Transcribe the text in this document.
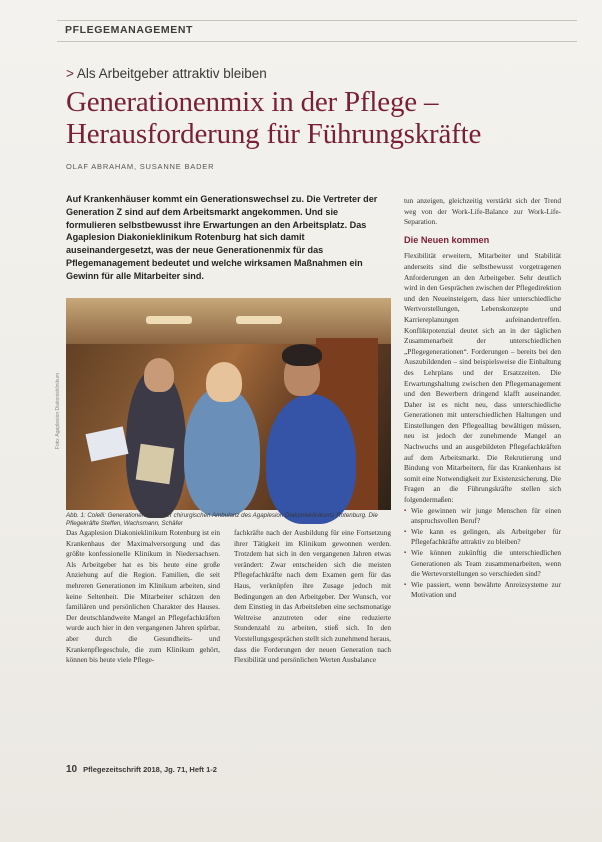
PFLEGEMANAGEMENT
> Als Arbeitgeber attraktiv bleiben
Generationenmix in der Pflege – Herausforderung für Führungskräfte
OLAF ABRAHAM, SUSANNE BADER
Auf Krankenhäuser kommt ein Generationswechsel zu. Die Vertreter der Generation Z sind auf dem Arbeitsmarkt angekommen. Und sie formulieren selbstbewusst ihre Erwartungen an den Arbeitsplatz. Das Agaplesion Diakonieklinikum Rotenburg hat sich damit auseinandergesetzt, was der neue Generationenmix für das Pflegemanagement bedeutet und welche wirksamen Maßnahmen ein Gewinn für alle Mitarbeiter sind.
Foto: Agaplesion Diakonieklinikum
Abb. 1: Colelli: Generationenmix in der chirurgischen Ambulanz des Agaplesion Diakonieklinikums Rotenburg. Die Pflegekräfte Steffen, Wachsmann, Schäfer

Das Agaplesion Diakonieklinikum Rotenburg ist ein Krankenhaus der Maximalversorgung und das größte konfessionelle Klinikum in Niedersachsen. Als Arbeitgeber hat es bis heute eine große Anziehung auf die Region. Familien, die seit mehreren Generationen im Klinikum arbeiten, sind keine Seltenheit. Die Mitarbeiter schätzen den familiären und persönlichen Charakter des Hauses. Der deutschlandweite Mangel an Pflegefachkräften wurde auch hier in den vergangenen Jahren spürbar, aber durch die Gesundheits- und Krankenpflegeschule, die zum Klinikum gehört, können bis heute viele Pflege-

fachkräfte nach der Ausbildung für eine Fortsetzung ihrer Tätigkeit im Klinikum gewonnen werden. Trotzdem hat sich in den vergangenen Jahren etwas verändert: Zwar entscheiden sich die meisten Pflegefachkräfte nach dem Examen gern für das Haus, verknüpfen ihre Zusage jedoch mit Bedingungen an den Arbeitgeber. Der Wunsch, vor dem Einstieg in das Arbeitsleben eine sechsmonatige Weltreise anzutreten oder eine reduzierte Stundenzahl zu arbeiten, stieß sich. In den Vorstellungsgesprächen stellt sich zunehmend heraus, dass die Forderungen der neuen Generation nach Flexibilität und persönlichen Werten Ausbalance

tun anzeigen, gleichzeitig verstärkt sich der Trend weg von der Work-Life-Balance zur Work-Life-Separation.

Die Neuen kommen

Flexibilität erweitern, Mitarbeiter und Stabilität anderseits sind die selbstbewusst vorgetragenen Anforderungen an den Arbeitgeber. Sehr deutlich wird in den Gesprächen zwischen der Pflegedirektion und den Neueinsteigern, dass hier unterschiedliche Wertvorstellungen, Lebenskonzepte und Karriereplanungen aufeinandertreffen. Konfliktpotenzial deutet sich an in der täglichen Zusammenarbeit der unterschiedlichen „Pflegegenerationen“. Forderungen – bereits bei den Auszubildenden – sind beispielsweise die Einhaltung des Lehrplans und der Ersatzzeiten. Die Erwartungshaltung zwischen den Pflegemanagement und den Bewerbern dringend klafft auseinander. Daher ist es nicht neu, dass unterschiedliche Generationen mit unterschiedlichen Haltungen und Einstellungen den Pflegealltag bewältigen müssen, neu ist jedoch der zunehmende Mangel an Nachwuchs und an ausgebildeten Pflegefachkräften auf dem Arbeitsmarkt. Die Rekrutierung und Bindung von Mitarbeitern, für das Krankenhaus ist somit eine Notwendigkeit zur Existenzsicherung. Die Fragen an die Führungskräfte stellen sich folgendermaßen:

▪ Wie gewinnen wir junge Menschen für einen anspruchsvollen Beruf?
▪ Wie kann es gelingen, als Arbeitgeber für Pflegefachkräfte attraktiv zu bleiben?
▪ Wie können zukünftig die unterschiedlichen Generationen als Team zusammenarbeiten, wenn die Wertevorstellungen so verschieden sind?
▪ Wie passiert, wenn bewährte Anreizsysteme zur Motivation und
10 Pflegezeitschrift 2018, Jg. 71, Heft 1-2
